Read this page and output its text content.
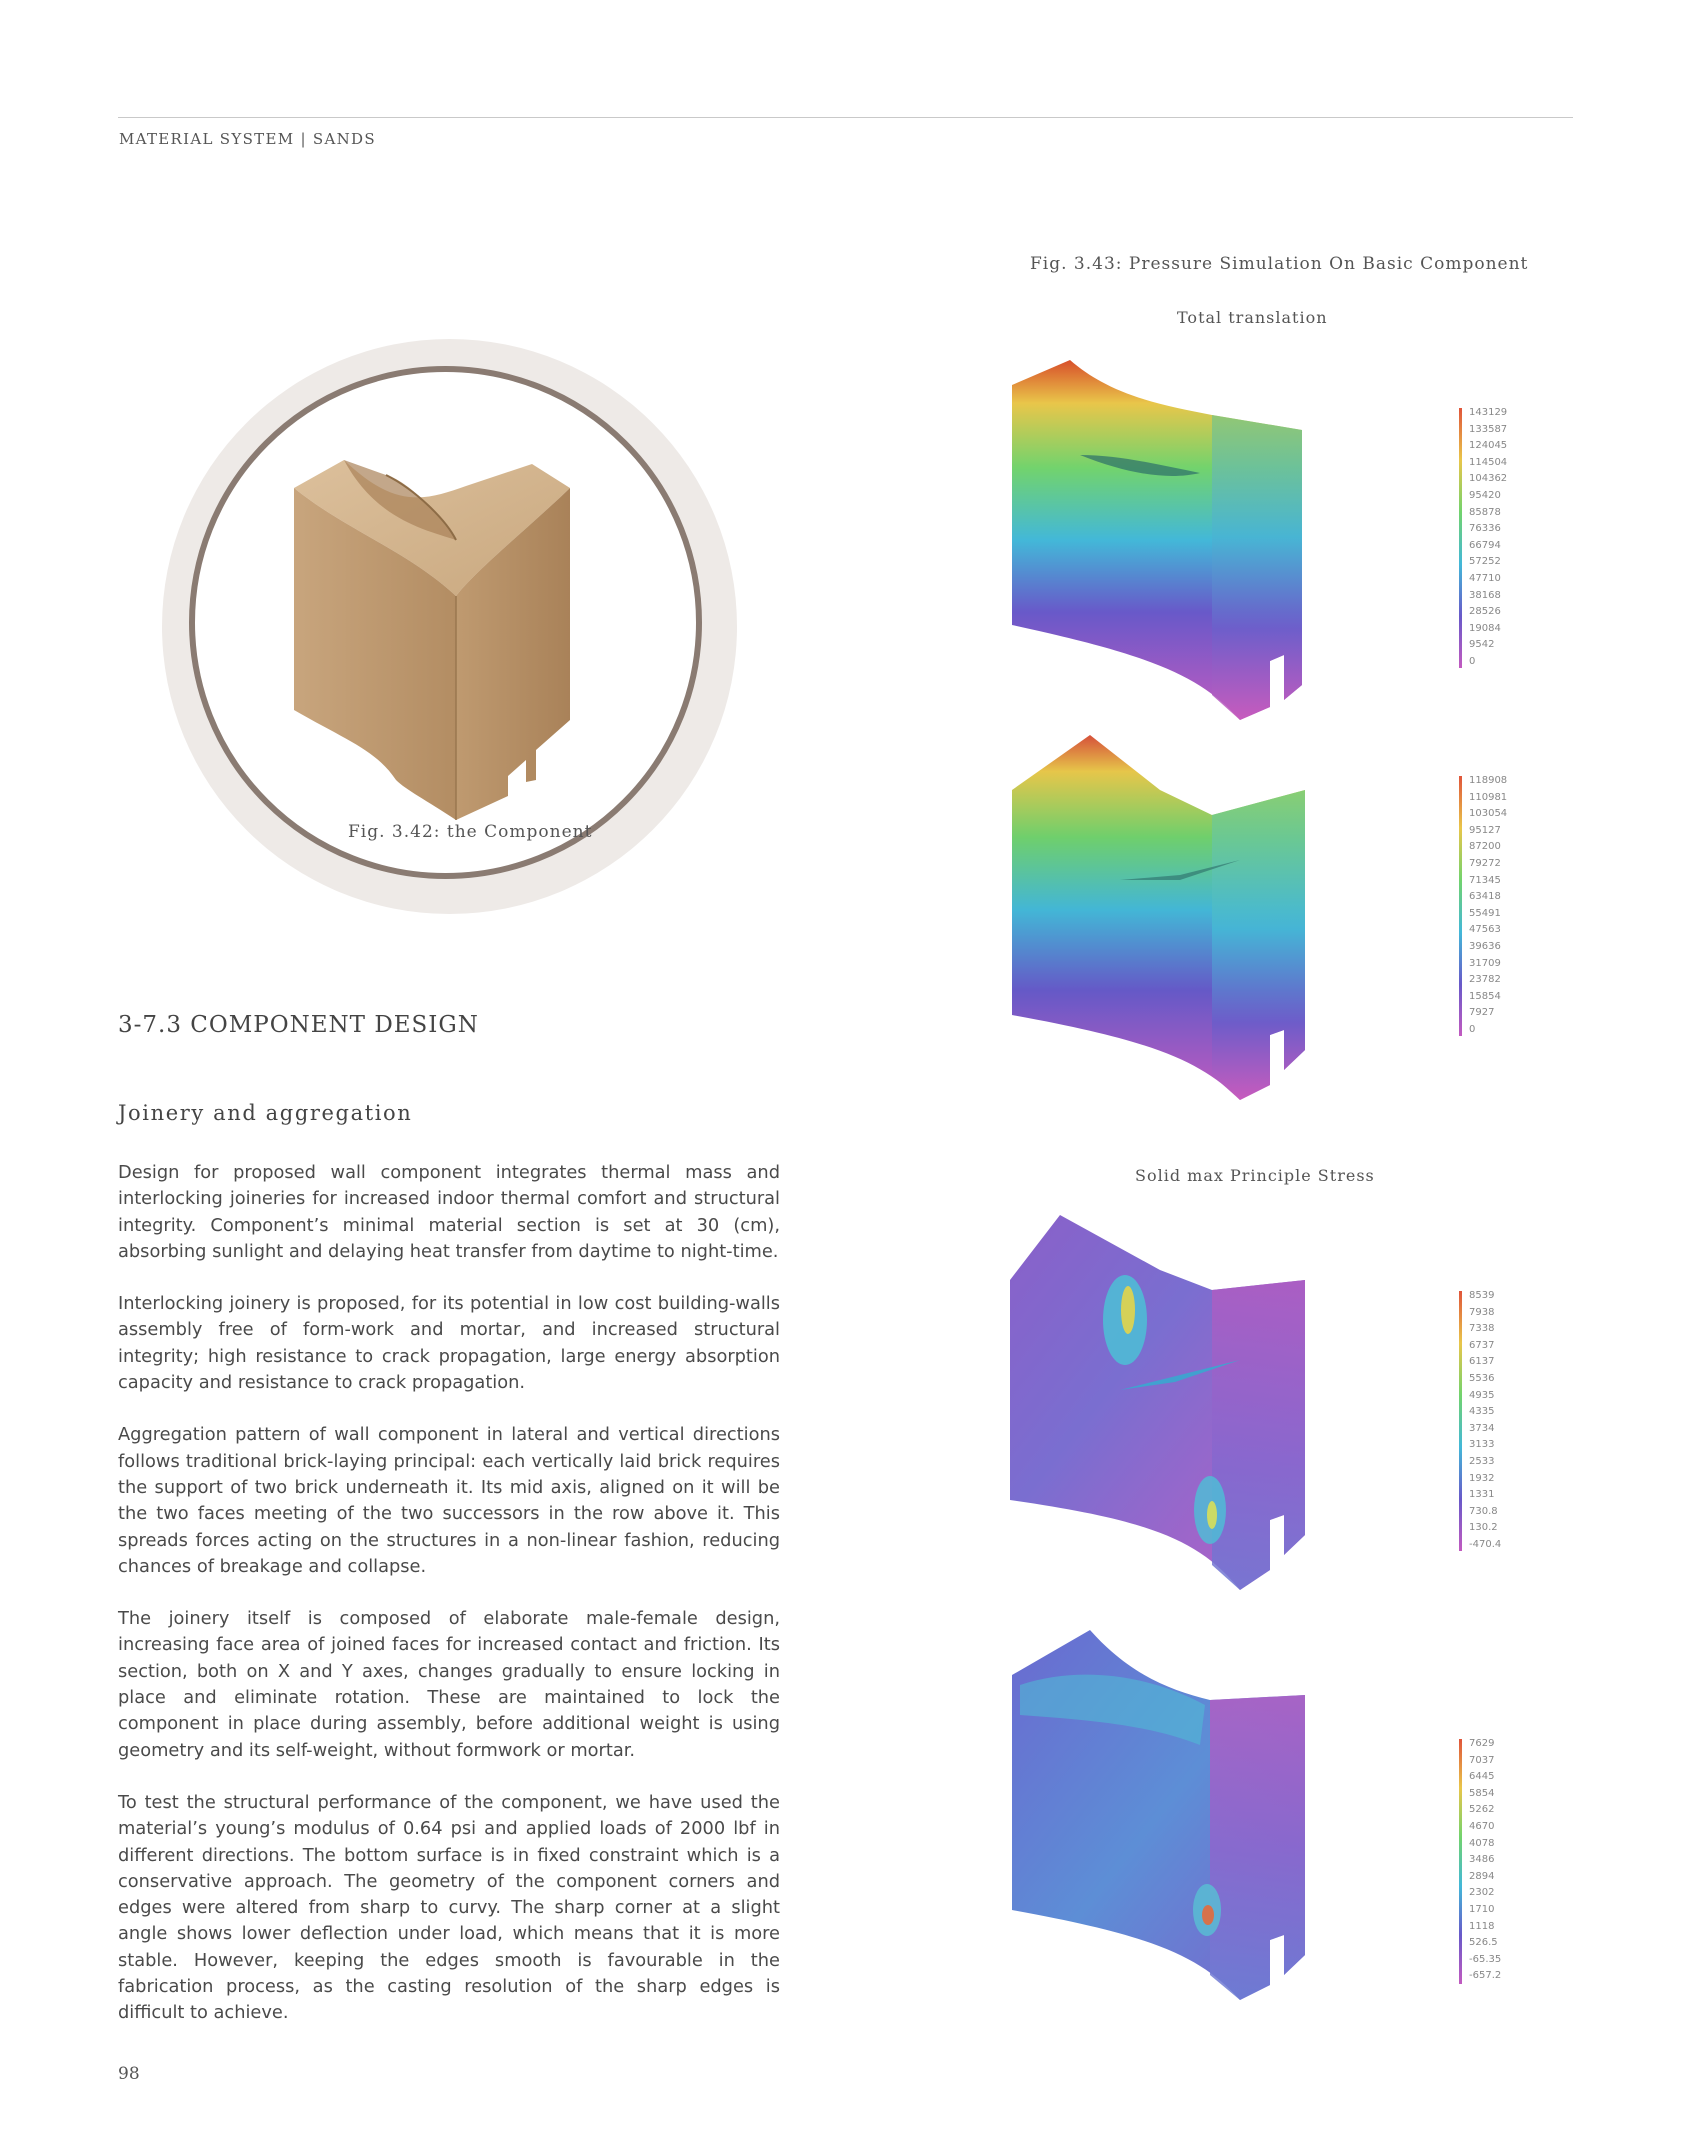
MATERIAL SYSTEM | SANDS
Fig. 3.42: the Component
Fig. 3.43: Pressure Simulation On Basic Component
Total translation
143129
133587
124045
114504
104362
95420
85878
76336
66794
57252
47710
38168
28526
19084
9542
0
118908
110981
103054
95127
87200
79272
71345
63418
55491
47563
39636
31709
23782
15854
7927
0
Solid max Principle Stress
8539
7938
7338
6737
6137
5536
4935
4335
3734
3133
2533
1932
1331
730.8
130.2
-470.4
7629
7037
6445
5854
5262
4670
4078
3486
2894
2302
1710
1118
526.5
-65.35
-657.2
3-7.3 COMPONENT DESIGN
Joinery and aggregation

Design for proposed wall component integrates thermal mass and interlocking joineries for increased indoor thermal comfort and structural integrity. Component’s minimal material section is set at 30 (cm), absorbing sunlight and delaying heat transfer from daytime to night-time.

Interlocking joinery is proposed, for its potential in low cost building-walls assembly free of form-work and mortar, and increased structural integrity; high resistance to crack propagation, large energy absorption capacity and resistance to crack propagation.

Aggregation pattern of wall component in lateral and vertical directions follows traditional brick-laying principal: each vertically laid brick requires the support of two brick underneath it. Its mid axis, aligned on it will be the two faces meeting of the two successors in the row above it. This spreads forces acting on the structures in a non-linear fashion, reducing chances of breakage and collapse.

The joinery itself is composed of elaborate male-female design, increasing face area of joined faces for increased contact and friction. Its section, both on X and Y axes, changes gradually to ensure locking in place and eliminate rotation. These are maintained to lock the component in place during assembly, before additional weight is using geometry and its self-weight, without formwork or mortar.

To test the structural performance of the component, we have used the material’s young’s modulus of 0.64 psi and applied loads of 2000 lbf in different directions. The bottom surface is in fixed constraint which is a conservative approach. The geometry of the component corners and edges were altered from sharp to curvy. The sharp corner at a slight angle shows lower deflection under load, which means that it is more stable. However, keeping the edges smooth is favourable in the fabrication process, as the casting resolution of the sharp edges is difficult to achieve.

98
